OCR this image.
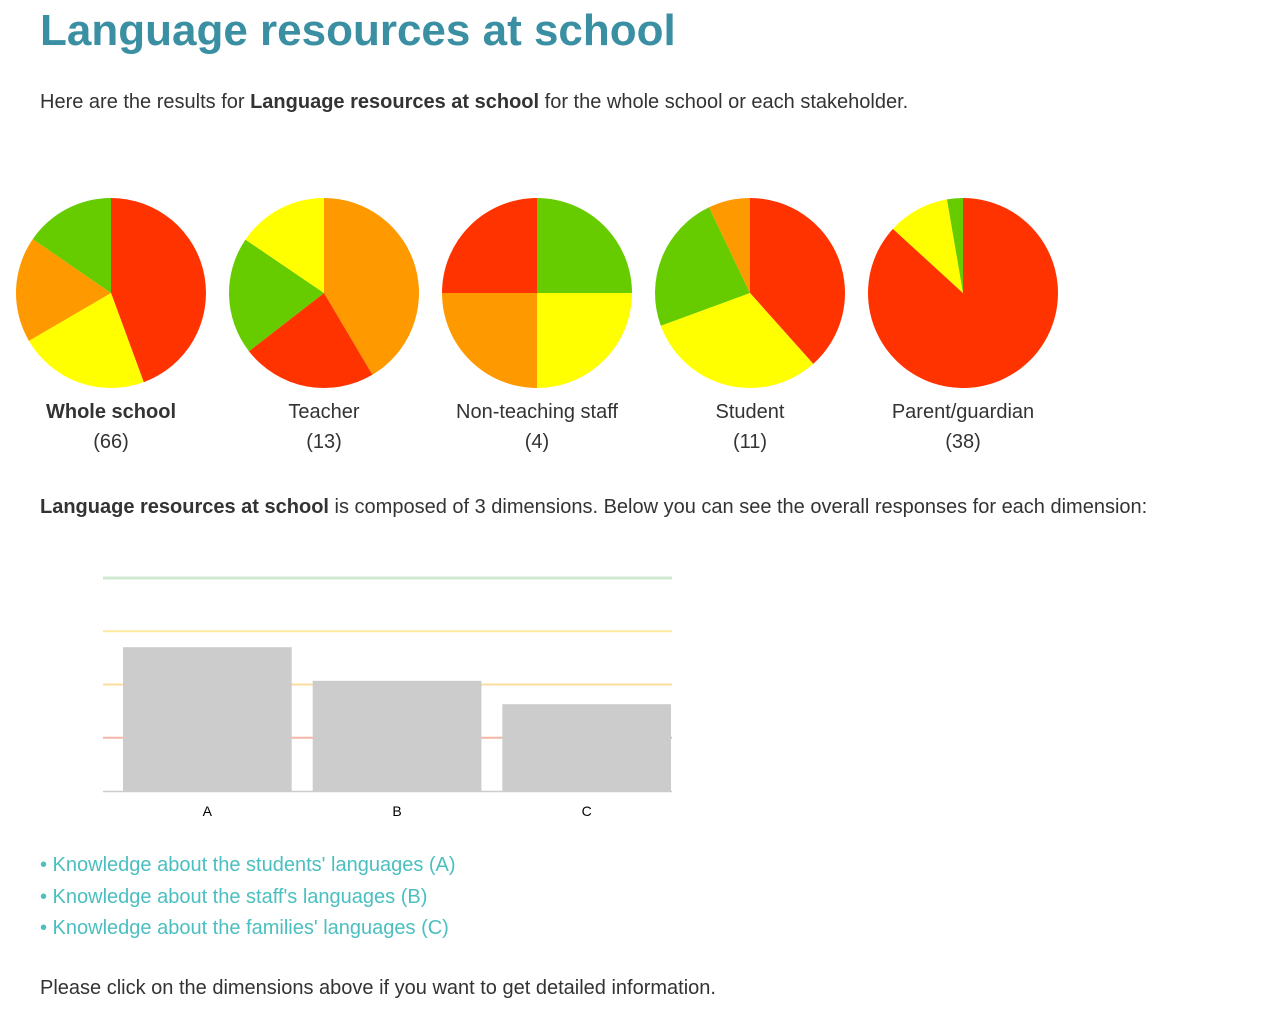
Language resources at school

Here are the results for Language resources at school for the whole school or each stakeholder.

Whole school
(66)
Teacher
(13)
Non-teaching staff
(4)
Student
(11)
Parent/guardian
(38)

Language resources at school is composed of 3 dimensions. Below you can see the overall responses for each dimension:

A	B	C
• Knowledge about the students' languages (A)
• Knowledge about the staff's languages (B)
• Knowledge about the families' languages (C)

Please click on the dimensions above if you want to get detailed information.
